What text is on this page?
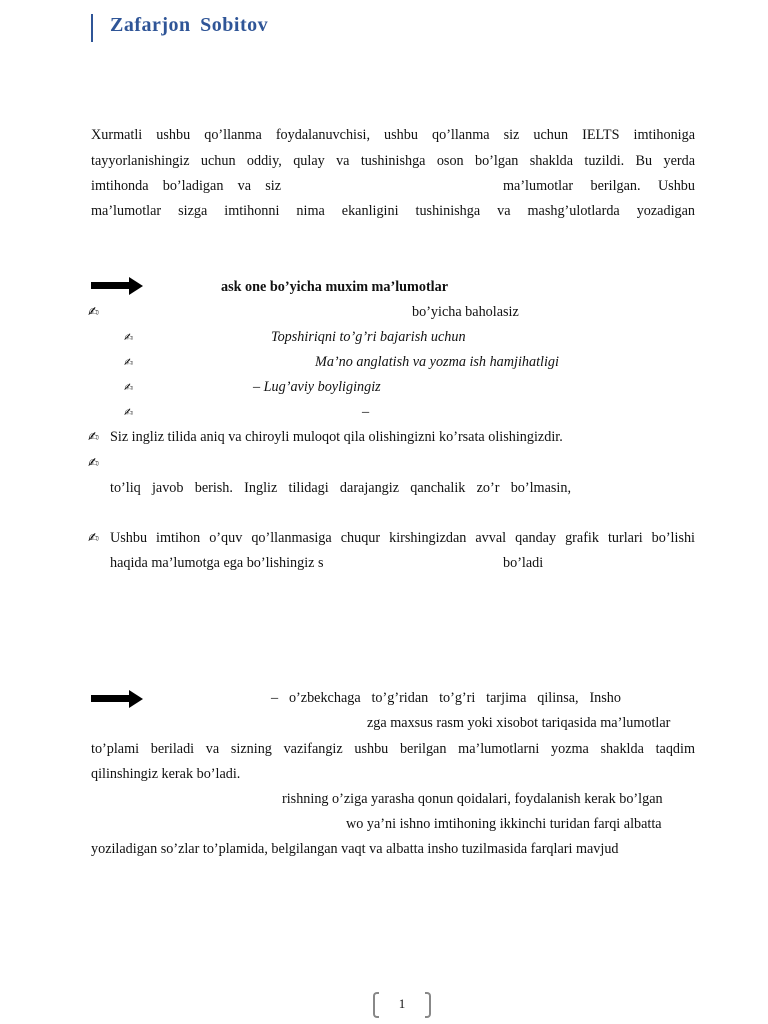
Zafarjon Sobitov
Xurmatli ushbu qo’llanma foydalanuvchisi, ushbu qo’llanma siz uchun IELTS imtihoniga
tayyorlanishingiz uchun oddiy, qulay va tushinishga oson bo’lgan shaklda tuzildi. Bu yerda
imtihonda bo’ladigan va siz	ma’lumotlar berilgan. Ushbu
ma’lumotlar sizga imtihonni nima ekanligini tushinishga va mashg’ulotlarda yozadigan
ask one bo’yicha muxim ma’lumotlar
✍	bo’yicha baholasiz
✍	Topshiriqni to’g’ri bajarish uchun
✍	Ma’no anglatish va yozma ish hamjihatligi
✍	– Lug’aviy boyligingiz
✍	–
✍ Siz ingliz tilida aniq va chiroyli muloqot qila olishingizni ko’rsata olishingizdir.
✍
to’liq javob berish. Ingliz tilidagi darajangiz qanchalik zo’r bo’lmasin,
✍ Ushbu imtihon o’quv qo’llanmasiga chuqur kirshingizdan avval qanday grafik turlari bo’lishi
haqida ma’lumotga ega bo’lishingiz s	bo’ladi
– o’zbekchaga to’g’ridan to’g’ri tarjima qilinsa, Insho
zga maxsus rasm yoki xisobot tariqasida ma’lumotlar
to’plami beriladi va sizning vazifangiz ushbu berilgan ma’lumotlarni yozma shaklda taqdim
qilinshingiz kerak bo’ladi.
rishning o’ziga yarasha qonun qoidalari, foydalanish kerak bo’lgan
wo ya’ni ishno imtihoning ikkinchi turidan farqi albatta
yoziladigan so’zlar to’plamida, belgilangan vaqt va albatta insho tuzilmasida farqlari mavjud
1
